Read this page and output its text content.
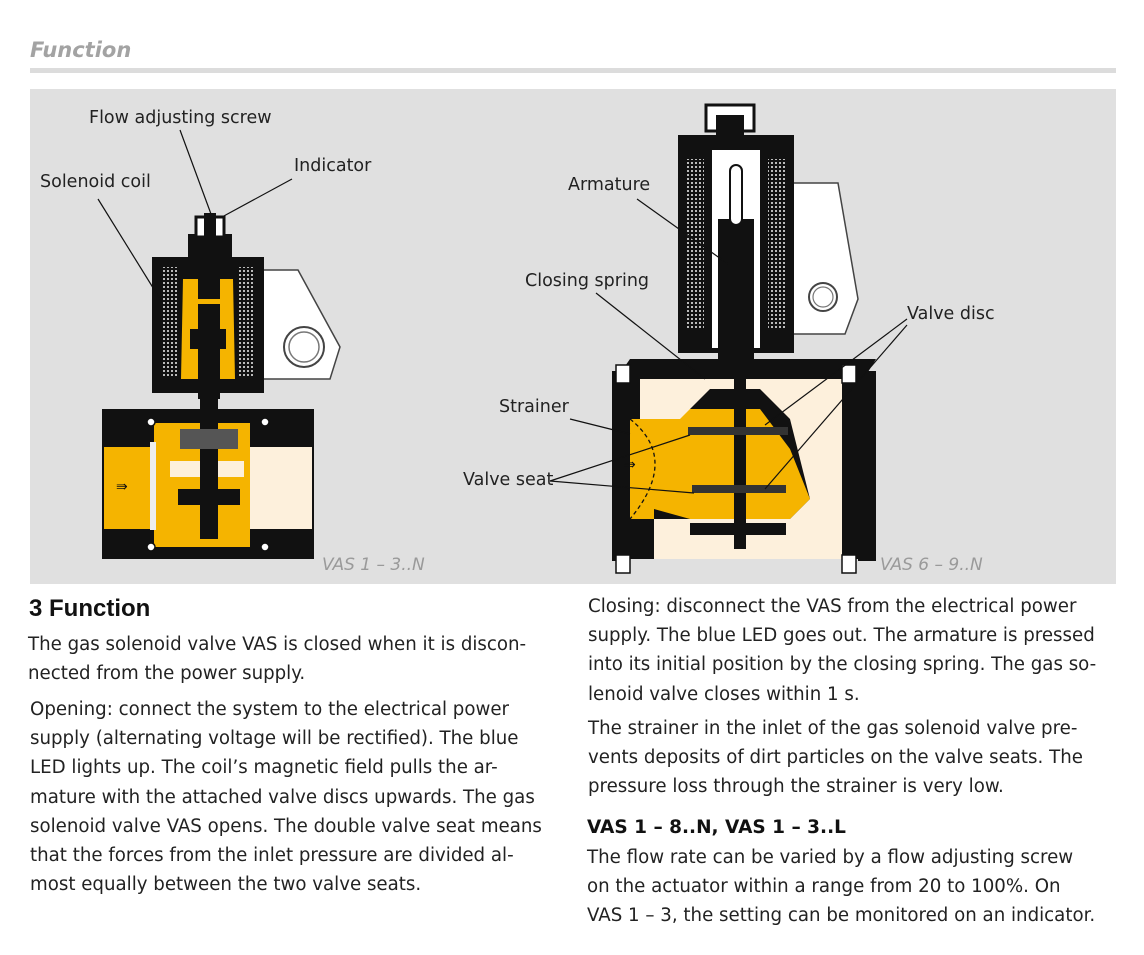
Function
⇛
⇛
Flow adjusting screw
Indicator
Solenoid coil
VAS 1 – 3..N
Armature
Closing spring
Valve disc
Strainer
Valve seat
VAS 6 – 9..N
3 Function

The gas solenoid valve VAS is closed when it is discon-

nected from the power supply.

Opening: connect the system to the electrical power

supply (alternating voltage will be rectified). The blue

LED lights up. The coil’s magnetic field pulls the ar-

mature with the attached valve discs upwards. The gas

solenoid valve VAS opens. The double valve seat means

that the forces from the inlet pressure are divided al-

most equally between the two valve seats.

Closing: disconnect the VAS from the electrical power

supply. The blue LED goes out. The armature is pressed

into its initial position by the closing spring. The gas so-

lenoid valve closes within 1 s.

The strainer in the inlet of the gas solenoid valve pre-

vents deposits of dirt particles on the valve seats. The

pressure loss through the strainer is very low.

VAS 1 – 8..N, VAS 1 – 3..L

The flow rate can be varied by a flow adjusting screw

on the actuator within a range from 20 to 100%. On

VAS 1 – 3, the setting can be monitored on an indicator.
